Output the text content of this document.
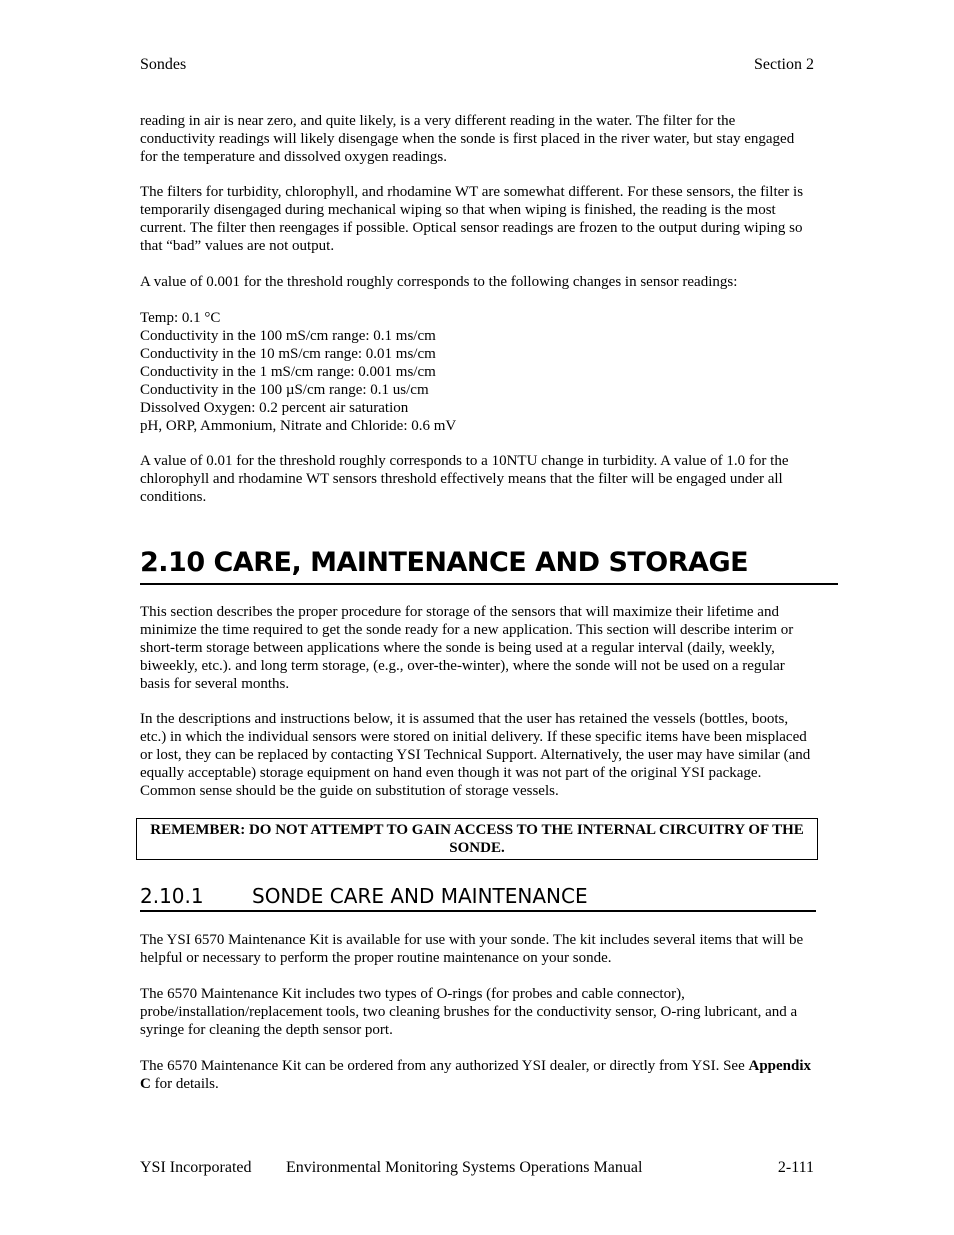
Sondes	Section 2

reading in air is near zero, and quite likely, is a very different reading in the water. The filter for the conductivity readings will likely disengage when the sonde is first placed in the river water, but stay engaged for the temperature and dissolved oxygen readings.

The filters for turbidity, chlorophyll, and rhodamine WT are somewhat different. For these sensors, the filter is temporarily disengaged during mechanical wiping so that when wiping is finished, the reading is the most current. The filter then reengages if possible. Optical sensor readings are frozen to the output during wiping so that “bad” values are not output.

A value of 0.001 for the threshold roughly corresponds to the following changes in sensor readings:

Temp: 0.1 °C
Conductivity in the 100 mS/cm range: 0.1 ms/cm
Conductivity in the 10 mS/cm range: 0.01 ms/cm
Conductivity in the 1 mS/cm range: 0.001 ms/cm
Conductivity in the 100 µS/cm range: 0.1 us/cm
Dissolved Oxygen: 0.2 percent air saturation
pH, ORP, Ammonium, Nitrate and Chloride: 0.6 mV

A value of 0.01 for the threshold roughly corresponds to a 10NTU change in turbidity. A value of 1.0 for the chlorophyll and rhodamine WT sensors threshold effectively means that the filter will be engaged under all conditions.

2.10 CARE, MAINTENANCE AND STORAGE

This section describes the proper procedure for storage of the sensors that will maximize their lifetime and minimize the time required to get the sonde ready for a new application. This section will describe interim or short-term storage between applications where the sonde is being used at a regular interval (daily, weekly, biweekly, etc.). and long term storage, (e.g., over-the-winter), where the sonde will not be used on a regular basis for several months.

In the descriptions and instructions below, it is assumed that the user has retained the vessels (bottles, boots, etc.) in which the individual sensors were stored on initial delivery. If these specific items have been misplaced or lost, they can be replaced by contacting YSI Technical Support. Alternatively, the user may have similar (and equally acceptable) storage equipment on hand even though it was not part of the original YSI package. Common sense should be the guide on substitution of storage vessels.

REMEMBER: DO NOT ATTEMPT TO GAIN ACCESS TO THE INTERNAL CIRCUITRY OF THE SONDE.
2.10.1 SONDE CARE AND MAINTENANCE

The YSI 6570 Maintenance Kit is available for use with your sonde. The kit includes several items that will be helpful or necessary to perform the proper routine maintenance on your sonde.

The 6570 Maintenance Kit includes two types of O-rings (for probes and cable connector), probe/installation/replacement tools, two cleaning brushes for the conductivity sensor, O-ring lubricant, and a syringe for cleaning the depth sensor port.

The 6570 Maintenance Kit can be ordered from any authorized YSI dealer, or directly from YSI. See Appendix C for details.

YSI Incorporated Environmental Monitoring Systems Operations Manual	2-111
